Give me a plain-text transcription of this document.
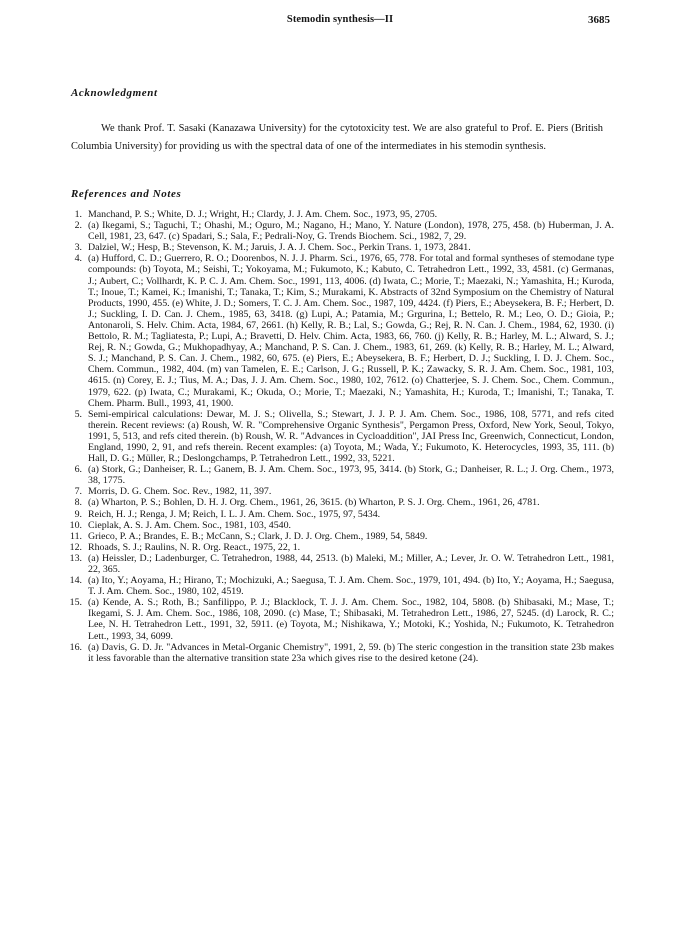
Stemodin synthesis—II	3685
Acknowledgment
We thank Prof. T. Sasaki (Kanazawa University) for the cytotoxicity test. We are also grateful to Prof. E. Piers (British Columbia University) for providing us with the spectral data of one of the intermediates in his stemodin synthesis.
References and Notes
1. Manchand, P. S.; White, D. J.; Wright, H.; Clardy, J. J. Am. Chem. Soc., 1973, 95, 2705.
2. (a) Ikegami, S.; Taguchi, T.; Ohashi, M.; Oguro, M.; Nagano, H.; Mano, Y. Nature (London), 1978, 275, 458. (b) Huberman, J. A. Cell, 1981, 23, 647. (c) Spadari, S.; Sala, F.; Pedrali-Noy, G. Trends Biochem. Sci., 1982, 7, 29.
3. Dalziel, W.; Hesp, B.; Stevenson, K. M.; Jaruis, J. A. J. Chem. Soc., Perkin Trans. 1, 1973, 2841.
4. (a) Hufford, C. D.; Guerrero, R. O.; Doorenbos, N. J. J. Pharm. Sci., 1976, 65, 778. For total and formal syntheses of stemodane type compounds: (b) Toyota, M.; Seishi, T.; Yokoyama, M.; Fukumoto, K.; Kabuto, C. Tetrahedron Lett., 1992, 33, 4581. (c) Germanas, J.; Aubert, C.; Vollhardt, K. P. C. J. Am. Chem. Soc., 1991, 113, 4006. (d) Iwata, C.; Morie, T.; Maezaki, N.; Yamashita, H.; Kuroda, T.; Inoue, T.; Kamei, K.; Imanishi, T.; Tanaka, T.; Kim, S.; Murakami, K. Abstracts of 32nd Symposium on the Chemistry of Natural Products, 1990, 455. (e) White, J. D.; Somers, T. C. J. Am. Chem. Soc., 1987, 109, 4424. (f) Piers, E.; Abeysekera, B. F.; Herbert, D. J.; Suckling, I. D. Can. J. Chem., 1985, 63, 3418. (g) Lupi, A.; Patamia, M.; Grgurina, I.; Bettelo, R. M.; Leo, O. D.; Gioia, P.; Antonaroli, S. Helv. Chim. Acta, 1984, 67, 2661. (h) Kelly, R. B.; Lal, S.; Gowda, G.; Rej, R. N. Can. J. Chem., 1984, 62, 1930. (i) Bettolo, R. M.; Tagliatesta, P.; Lupi, A.; Bravetti, D. Helv. Chim. Acta, 1983, 66, 760. (j) Kelly, R. B.; Harley, M. L.; Alward, S. J.; Rej, R. N.; Gowda, G.; Mukhopadhyay, A.; Manchand, P. S. Can. J. Chem., 1983, 61, 269. (k) Kelly, R. B.; Harley, M. L.; Alward, S. J.; Manchand, P. S. Can. J. Chem., 1982, 60, 675. (e) Piers, E.; Abeysekera, B. F.; Herbert, D. J.; Suckling, I. D. J. Chem. Soc., Chem. Commun., 1982, 404. (m) van Tamelen, E. E.; Carlson, J. G.; Russell, P. K.; Zawacky, S. R. J. Am. Chem. Soc., 1981, 103, 4615. (n) Corey, E. J.; Tius, M. A.; Das, J. J. Am. Chem. Soc., 1980, 102, 7612. (o) Chatterjee, S. J. Chem. Soc., Chem. Commun., 1979, 622. (p) Iwata, C.; Murakami, K.; Okuda, O.; Morie, T.; Maezaki, N.; Yamashita, H.; Kuroda, T.; Imanishi, T.; Tanaka, T. Chem. Pharm. Bull., 1993, 41, 1900.
5. Semi-empirical calculations: Dewar, M. J. S.; Olivella, S.; Stewart, J. J. P. J. Am. Chem. Soc., 1986, 108, 5771, and refs cited therein. Recent reviews: (a) Roush, W. R. "Comprehensive Organic Synthesis", Pergamon Press, Oxford, New York, Seoul, Tokyo, 1991, 5, 513, and refs cited therein. (b) Roush, W. R. "Advances in Cycloaddition", JAI Press Inc, Greenwich, Connecticut, London, England, 1990, 2, 91, and refs therein. Recent examples: (a) Toyota, M.; Wada, Y.; Fukumoto, K. Heterocycles, 1993, 35, 111. (b) Hall, D. G.; Müller, R.; Deslongchamps, P. Tetrahedron Lett., 1992, 33, 5221.
6. (a) Stork, G.; Danheiser, R. L.; Ganem, B. J. Am. Chem. Soc., 1973, 95, 3414. (b) Stork, G.; Danheiser, R. L.; J. Org. Chem., 1973, 38, 1775.
7. Morris, D. G. Chem. Soc. Rev., 1982, 11, 397.
8. (a) Wharton, P. S.; Bohlen, D. H. J. Org. Chem., 1961, 26, 3615. (b) Wharton, P. S. J. Org. Chem., 1961, 26, 4781.
9. Reich, H. J.; Renga, J. M; Reich, I. L. J. Am. Chem. Soc., 1975, 97, 5434.
10. Cieplak, A. S. J. Am. Chem. Soc., 1981, 103, 4540.
11. Grieco, P. A.; Brandes, E. B.; McCann, S.; Clark, J. D. J. Org. Chem., 1989, 54, 5849.
12. Rhoads, S. J.; Raulins, N. R. Org. React., 1975, 22, 1.
13. (a) Heissler, D.; Ladenburger, C. Tetrahedron, 1988, 44, 2513. (b) Maleki, M.; Miller, A.; Lever, Jr. O. W. Tetrahedron Lett., 1981, 22, 365.
14. (a) Ito, Y.; Aoyama, H.; Hirano, T.; Mochizuki, A.; Saegusa, T. J. Am. Chem. Soc., 1979, 101, 494. (b) Ito, Y.; Aoyama, H.; Saegusa, T. J. Am. Chem. Soc., 1980, 102, 4519.
15. (a) Kende, A. S.; Roth, B.; Sanfilippo, P. J.; Blacklock, T. J. J. Am. Chem. Soc., 1982, 104, 5808. (b) Shibasaki, M.; Mase, T.; Ikegami, S. J. Am. Chem. Soc., 1986, 108, 2090. (c) Mase, T.; Shibasaki, M. Tetrahedron Lett., 1986, 27, 5245. (d) Larock, R. C.; Lee, N. H. Tetrahedron Lett., 1991, 32, 5911. (e) Toyota, M.; Nishikawa, Y.; Motoki, K.; Yoshida, N.; Fukumoto, K. Tetrahedron Lett., 1993, 34, 6099.
16. (a) Davis, G. D. Jr. "Advances in Metal-Organic Chemistry", 1991, 2, 59. (b) The steric congestion in the transition state 23b makes it less favorable than the alternative transition state 23a which gives rise to the desired ketone (24).
